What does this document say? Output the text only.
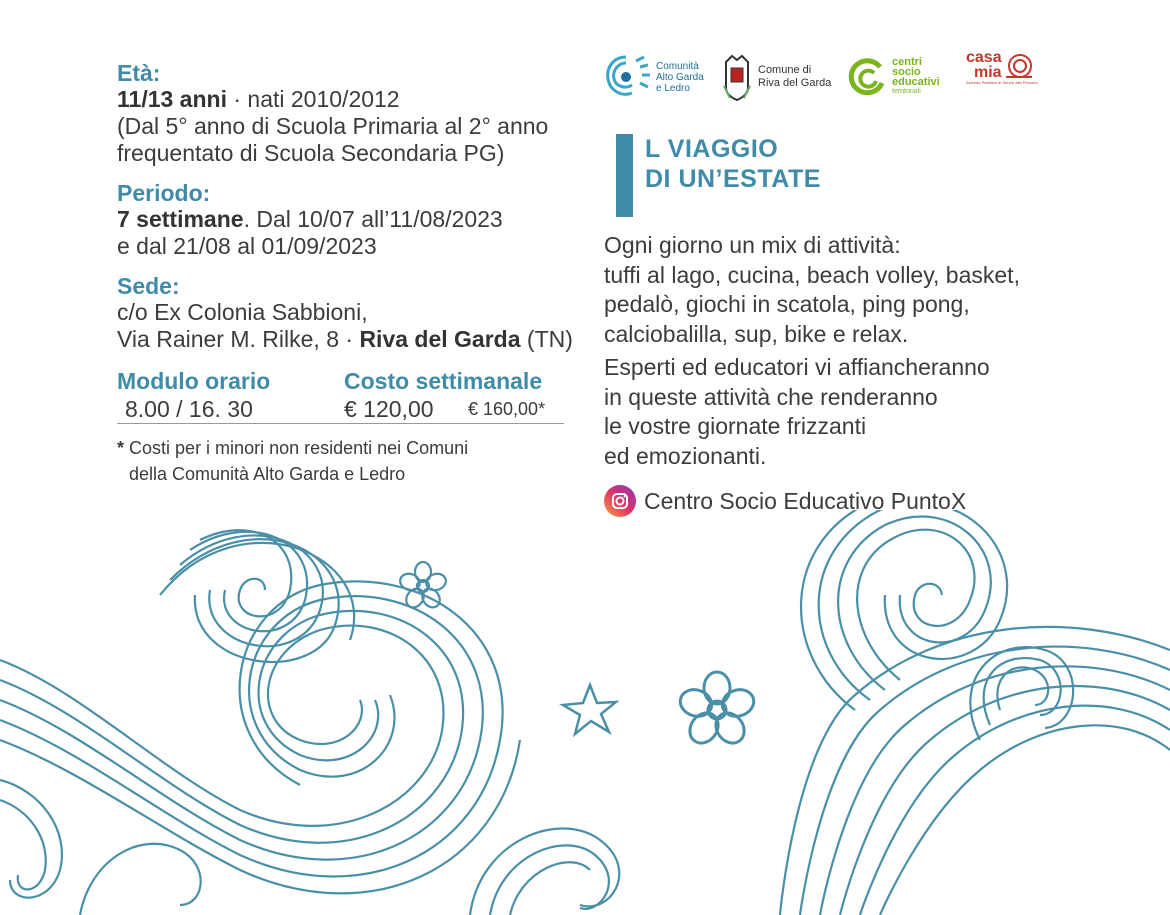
Età:
11/13 anni · nati 2010/2012
(Dal 5° anno di Scuola Primaria al 2° anno
frequentato di Scuola Secondaria PG)
Periodo:
7 settimane. Dal 10/07 all’11/08/2023
e dal 21/08 al 01/09/2023
Sede:
c/o Ex Colonia Sabbioni,
Via Rainer M. Rilke, 8 · Riva del Garda (TN)
Modulo orario	Costo settimanale
8.00 / 16. 30	€ 120,00 € 160,00*
* Costi per i minori non residenti nei Comuni
della Comunità Alto Garda e Ledro
Comunità
Alto Garda
e Ledro
Comune di
Riva del Garda
centri
socio
educativi
territoriali
casa
mia
Azienda Pubblica di Servizi alla Persona
L VIAGGIO
DI UN’ESTATE
Ogni giorno un mix di attività:
tuffi al lago, cucina, beach volley, basket,
pedalò, giochi in scatola, ping pong,
calciobalilla, sup, bike e relax.
Esperti ed educatori vi affiancheranno
in queste attività che renderanno
le vostre giornate frizzanti
ed emozionanti.
Centro Socio Educativo PuntoX
